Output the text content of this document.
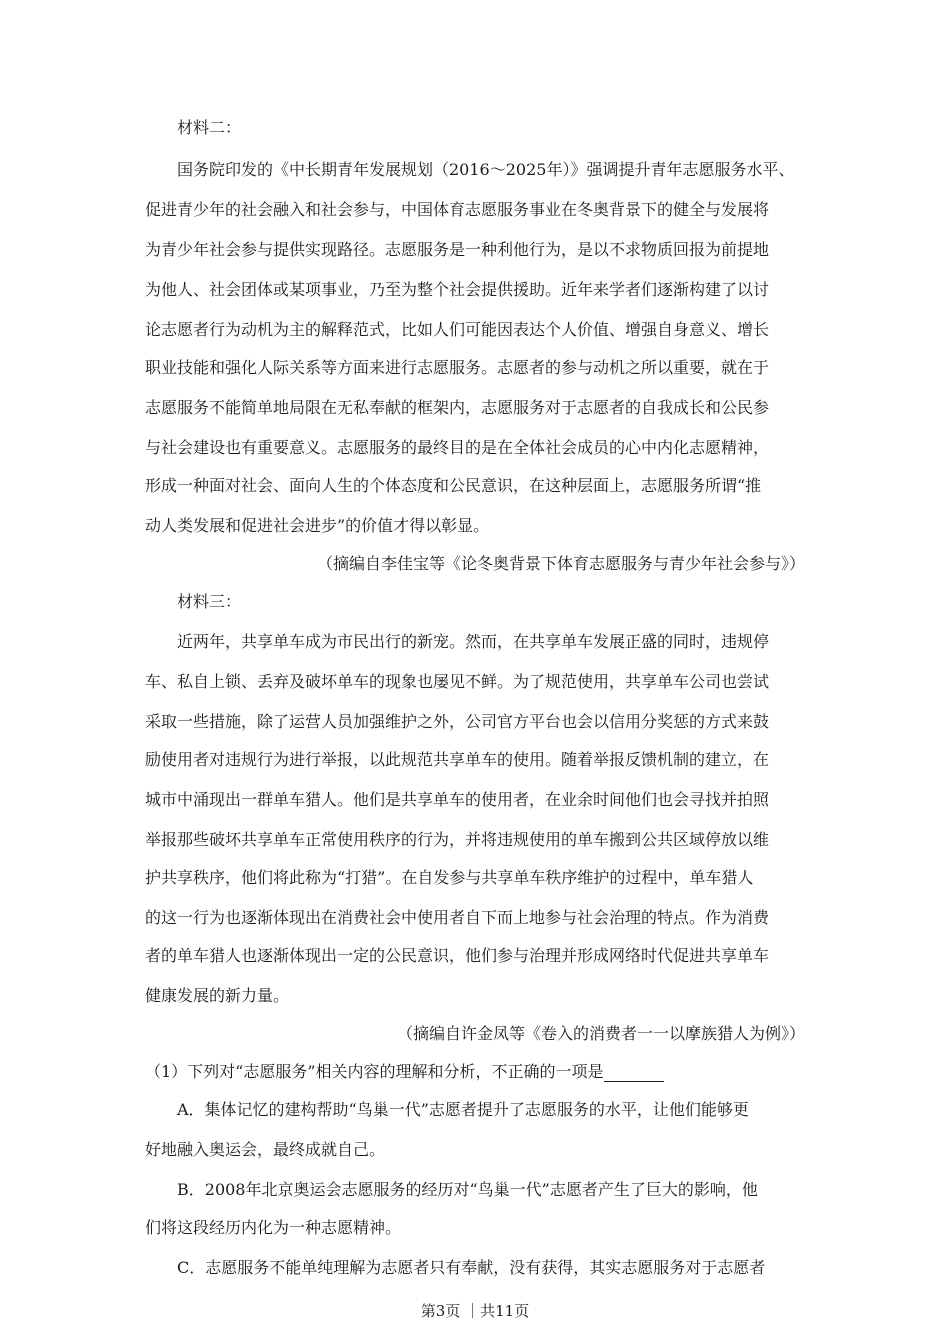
材料二：
国务院印发的《中长期青年发展规划（2016～2025年）》强调提升青年志愿服务水平、
促进青少年的社会融入和社会参与，中国体育志愿服务事业在冬奥背景下的健全与发展将
为青少年社会参与提供实现路径。志愿服务是一种利他行为，是以不求物质回报为前提地
为他人、社会团体或某项事业，乃至为整个社会提供援助。近年来学者们逐渐构建了以讨
论志愿者行为动机为主的解释范式，比如人们可能因表达个人价值、增强自身意义、增长
职业技能和强化人际关系等方面来进行志愿服务。志愿者的参与动机之所以重要，就在于
志愿服务不能简单地局限在无私奉献的框架内，志愿服务对于志愿者的自我成长和公民参
与社会建设也有重要意义。志愿服务的最终目的是在全体社会成员的心中内化志愿精神，
形成一种面对社会、面向人生的个体态度和公民意识，在这种层面上，志愿服务所谓“推
动人类发展和促进社会进步”的价值才得以彰显。
（摘编自李佳宝等《论冬奥背景下体育志愿服务与青少年社会参与》）
材料三：
近两年，共享单车成为市民出行的新宠。然而，在共享单车发展正盛的同时，违规停
车、私自上锁、丢弃及破坏单车的现象也屡见不鲜。为了规范使用，共享单车公司也尝试
采取一些措施，除了运营人员加强维护之外，公司官方平台也会以信用分奖惩的方式来鼓
励使用者对违规行为进行举报，以此规范共享单车的使用。随着举报反馈机制的建立，在
城市中涌现出一群单车猎人。他们是共享单车的使用者，在业余时间他们也会寻找并拍照
举报那些破坏共享单车正常使用秩序的行为，并将违规使用的单车搬到公共区域停放以维
护共享秩序，他们将此称为“打猎”。在自发参与共享单车秩序维护的过程中，单车猎人
的这一行为也逐渐体现出在消费社会中使用者自下而上地参与社会治理的特点。作为消费
者的单车猎人也逐渐体现出一定的公民意识，他们参与治理并形成网络时代促进共享单车
健康发展的新力量。
（摘编自许金凤等《卷入的消费者一一以摩族猎人为例》）
（1）下列对“志愿服务”相关内容的理解和分析，不正确的一项是
A．集体记忆的建构帮助“鸟巢一代”志愿者提升了志愿服务的水平，让他们能够更
好地融入奥运会，最终成就自己。
B．2008年北京奥运会志愿服务的经历对“鸟巢一代”志愿者产生了巨大的影响，他
们将这段经历内化为一种志愿精神。
C．志愿服务不能单纯理解为志愿者只有奉献，没有获得，其实志愿服务对于志愿者
第3页 ｜共11页
